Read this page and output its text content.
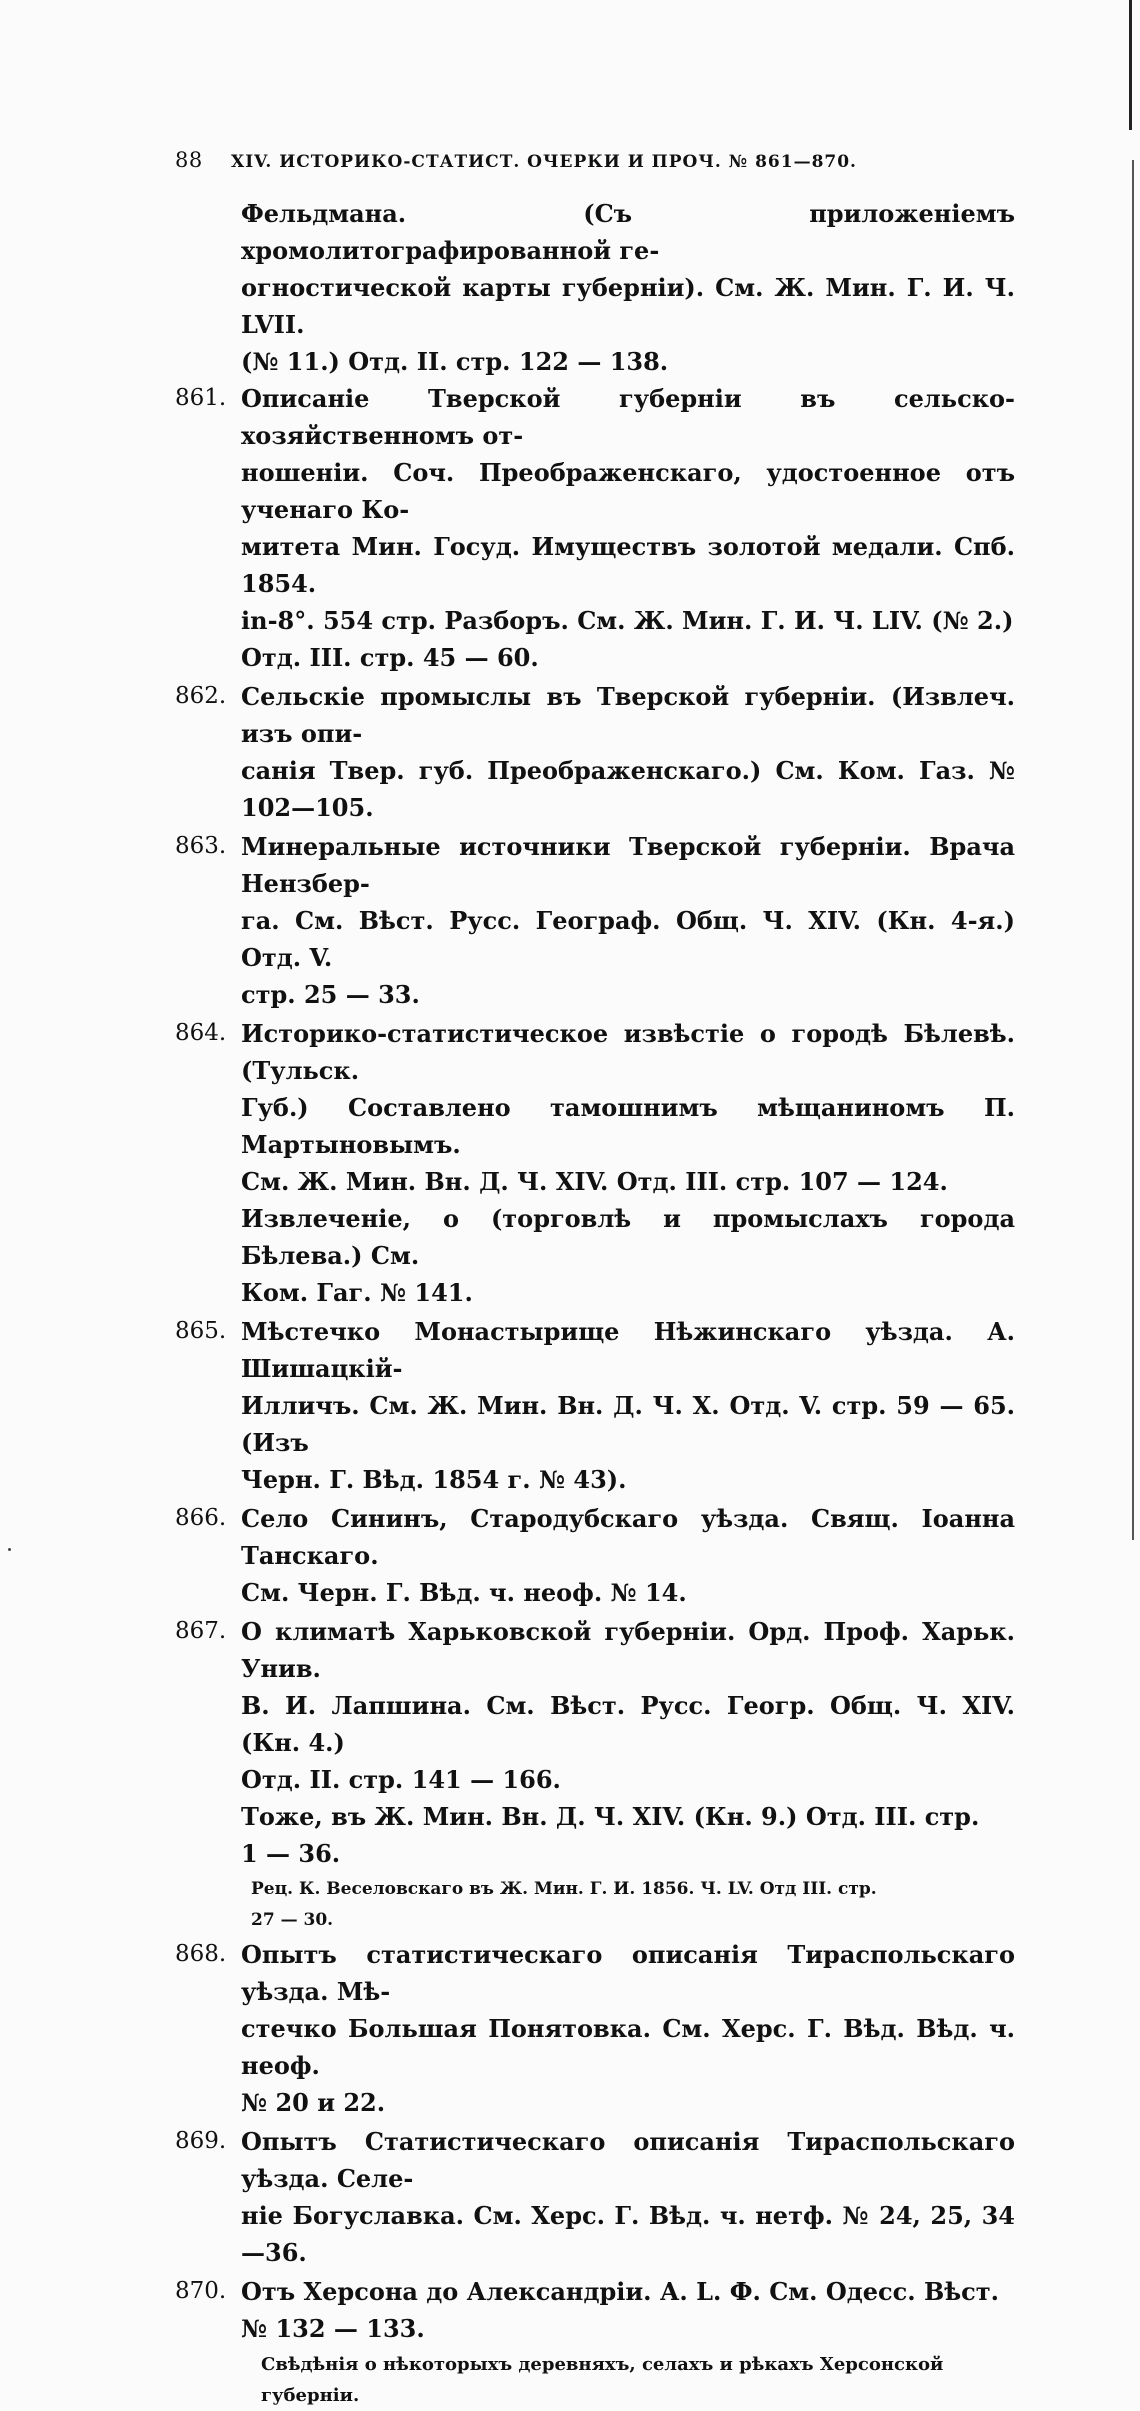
88 XIV. ИСТОРИКО-СТАТИСТ. ОЧЕРКИ И ПРОЧ. № 861—870.
Фельдмана. (Съ приложеніемъ хромолитографированной ге-
огностической карты губерніи). См. Ж. Мин. Г. И. Ч. LVII.
(№ 11.) Отд. II. стр. 122 — 138.
861. Описаніе Тверской губерніи въ сельско-хозяйственномъ от-
ношеніи. Соч. Преображенскаго, удостоенное отъ ученаго Ко-
митета Мин. Госуд. Имуществъ золотой медали. Спб. 1854.
in-8°. 554 стр. Разборъ. См. Ж. Мин. Г. И. Ч. LIV. (№ 2.)
Отд. III. стр. 45 — 60.
862. Сельскіе промыслы въ Тверской губерніи. (Извлеч. изъ опи-
санія Твер. губ. Преображенскаго.) См. Ком. Газ. № 102—105.
863. Минеральные источники Тверской губерніи. Врача Нензбер-
га. См. Вѣст. Русс. Географ. Общ. Ч. XIV. (Кн. 4-я.) Отд. V.
стр. 25 — 33.
864. Историко-статистическое извѣстіе о городѣ Бѣлевѣ. (Тульск.
Губ.) Составлено тамошнимъ мѣщаниномъ П. Мартыновымъ.
См. Ж. Мин. Вн. Д. Ч. XIV. Отд. III. стр. 107 — 124.
Извлеченіе, о (торговлѣ и промыслахъ города Бѣлева.) См.
Ком. Гаг. № 141.
865. Мѣстечко Монастырище Нѣжинскаго уѣзда. А. Шишацкій-
Илличъ. См. Ж. Мин. Вн. Д. Ч. X. Отд. V. стр. 59 — 65. (Изъ
Черн. Г. Вѣд. 1854 г. № 43).
866. Село Сининъ, Стародубскаго уѣзда. Свящ. Іоанна Танскаго.
См. Черн. Г. Вѣд. ч. неоф. № 14.
867. О климатѣ Харьковской губерніи. Орд. Проф. Харьк. Унив.
В. И. Лапшина. См. Вѣст. Русс. Геогр. Общ. Ч. XIV. (Кн. 4.)
Отд. II. стр. 141 — 166.
Тоже, въ Ж. Мин. Вн. Д. Ч. XIV. (Кн. 9.) Отд. III. стр.
1 — 36.
Рец. К. Веселовскаго въ Ж. Мин. Г. И. 1856. Ч. LV. Отд III. стр.
27 — 30.
868. Опытъ статистическаго описанія Тираспольскаго уѣзда. Мѣ-
стечко Большая Понятовка. См. Херс. Г. Вѣд. Вѣд. ч. неоф.
№ 20 и 22.
869. Опытъ Статистическаго описанія Тираспольскаго уѣзда. Селе-
ніе Богуславка. См. Херс. Г. Вѣд. ч. нетф. № 24, 25, 34—36.
870. Отъ Херсона до Александріи. А. L. Ф. См. Одесс. Вѣст.
№ 132 — 133.
Свѣдѣнія о нѣкоторыхъ деревняхъ, селахъ и рѣкахъ Херсонской
губерніи.
